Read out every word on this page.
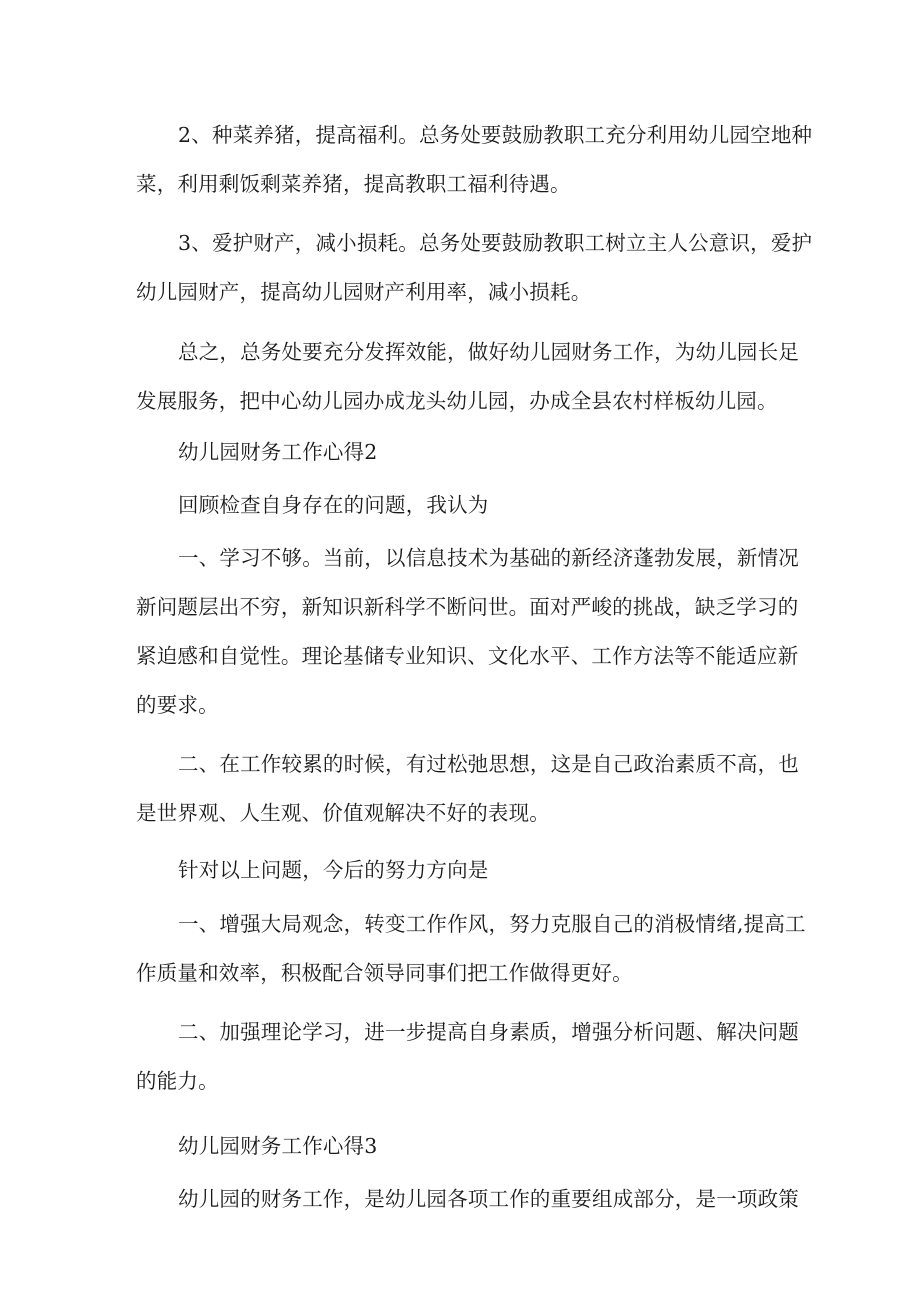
2、种菜养猪，提高福利。总务处要鼓励教职工充分利用幼儿园空地种

菜，利用剩饭剩菜养猪，提高教职工福利待遇。

3、爱护财产，减小损耗。总务处要鼓励教职工树立主人公意识，爱护

幼儿园财产，提高幼儿园财产利用率，减小损耗。

总之，总务处要充分发挥效能，做好幼儿园财务工作，为幼儿园长足

发展服务，把中心幼儿园办成龙头幼儿园，办成全县农村样板幼儿园。

幼儿园财务工作心得2

回顾检查自身存在的问题，我认为

一、学习不够。当前，以信息技术为基础的新经济蓬勃发展，新情况

新问题层出不穷，新知识新科学不断问世。面对严峻的挑战，缺乏学习的

紧迫感和自觉性。理论基储专业知识、文化水平、工作方法等不能适应新

的要求。

二、在工作较累的时候，有过松弛思想，这是自己政治素质不高，也

是世界观、人生观、价值观解决不好的表现。

针对以上问题，今后的努力方向是

一、增强大局观念，转变工作作风，努力克服自己的消极情绪,提高工

作质量和效率，积极配合领导同事们把工作做得更好。

二、加强理论学习，进一步提高自身素质，增强分析问题、解决问题

的能力。

幼儿园财务工作心得3

幼儿园的财务工作，是幼儿园各项工作的重要组成部分，是一项政策
